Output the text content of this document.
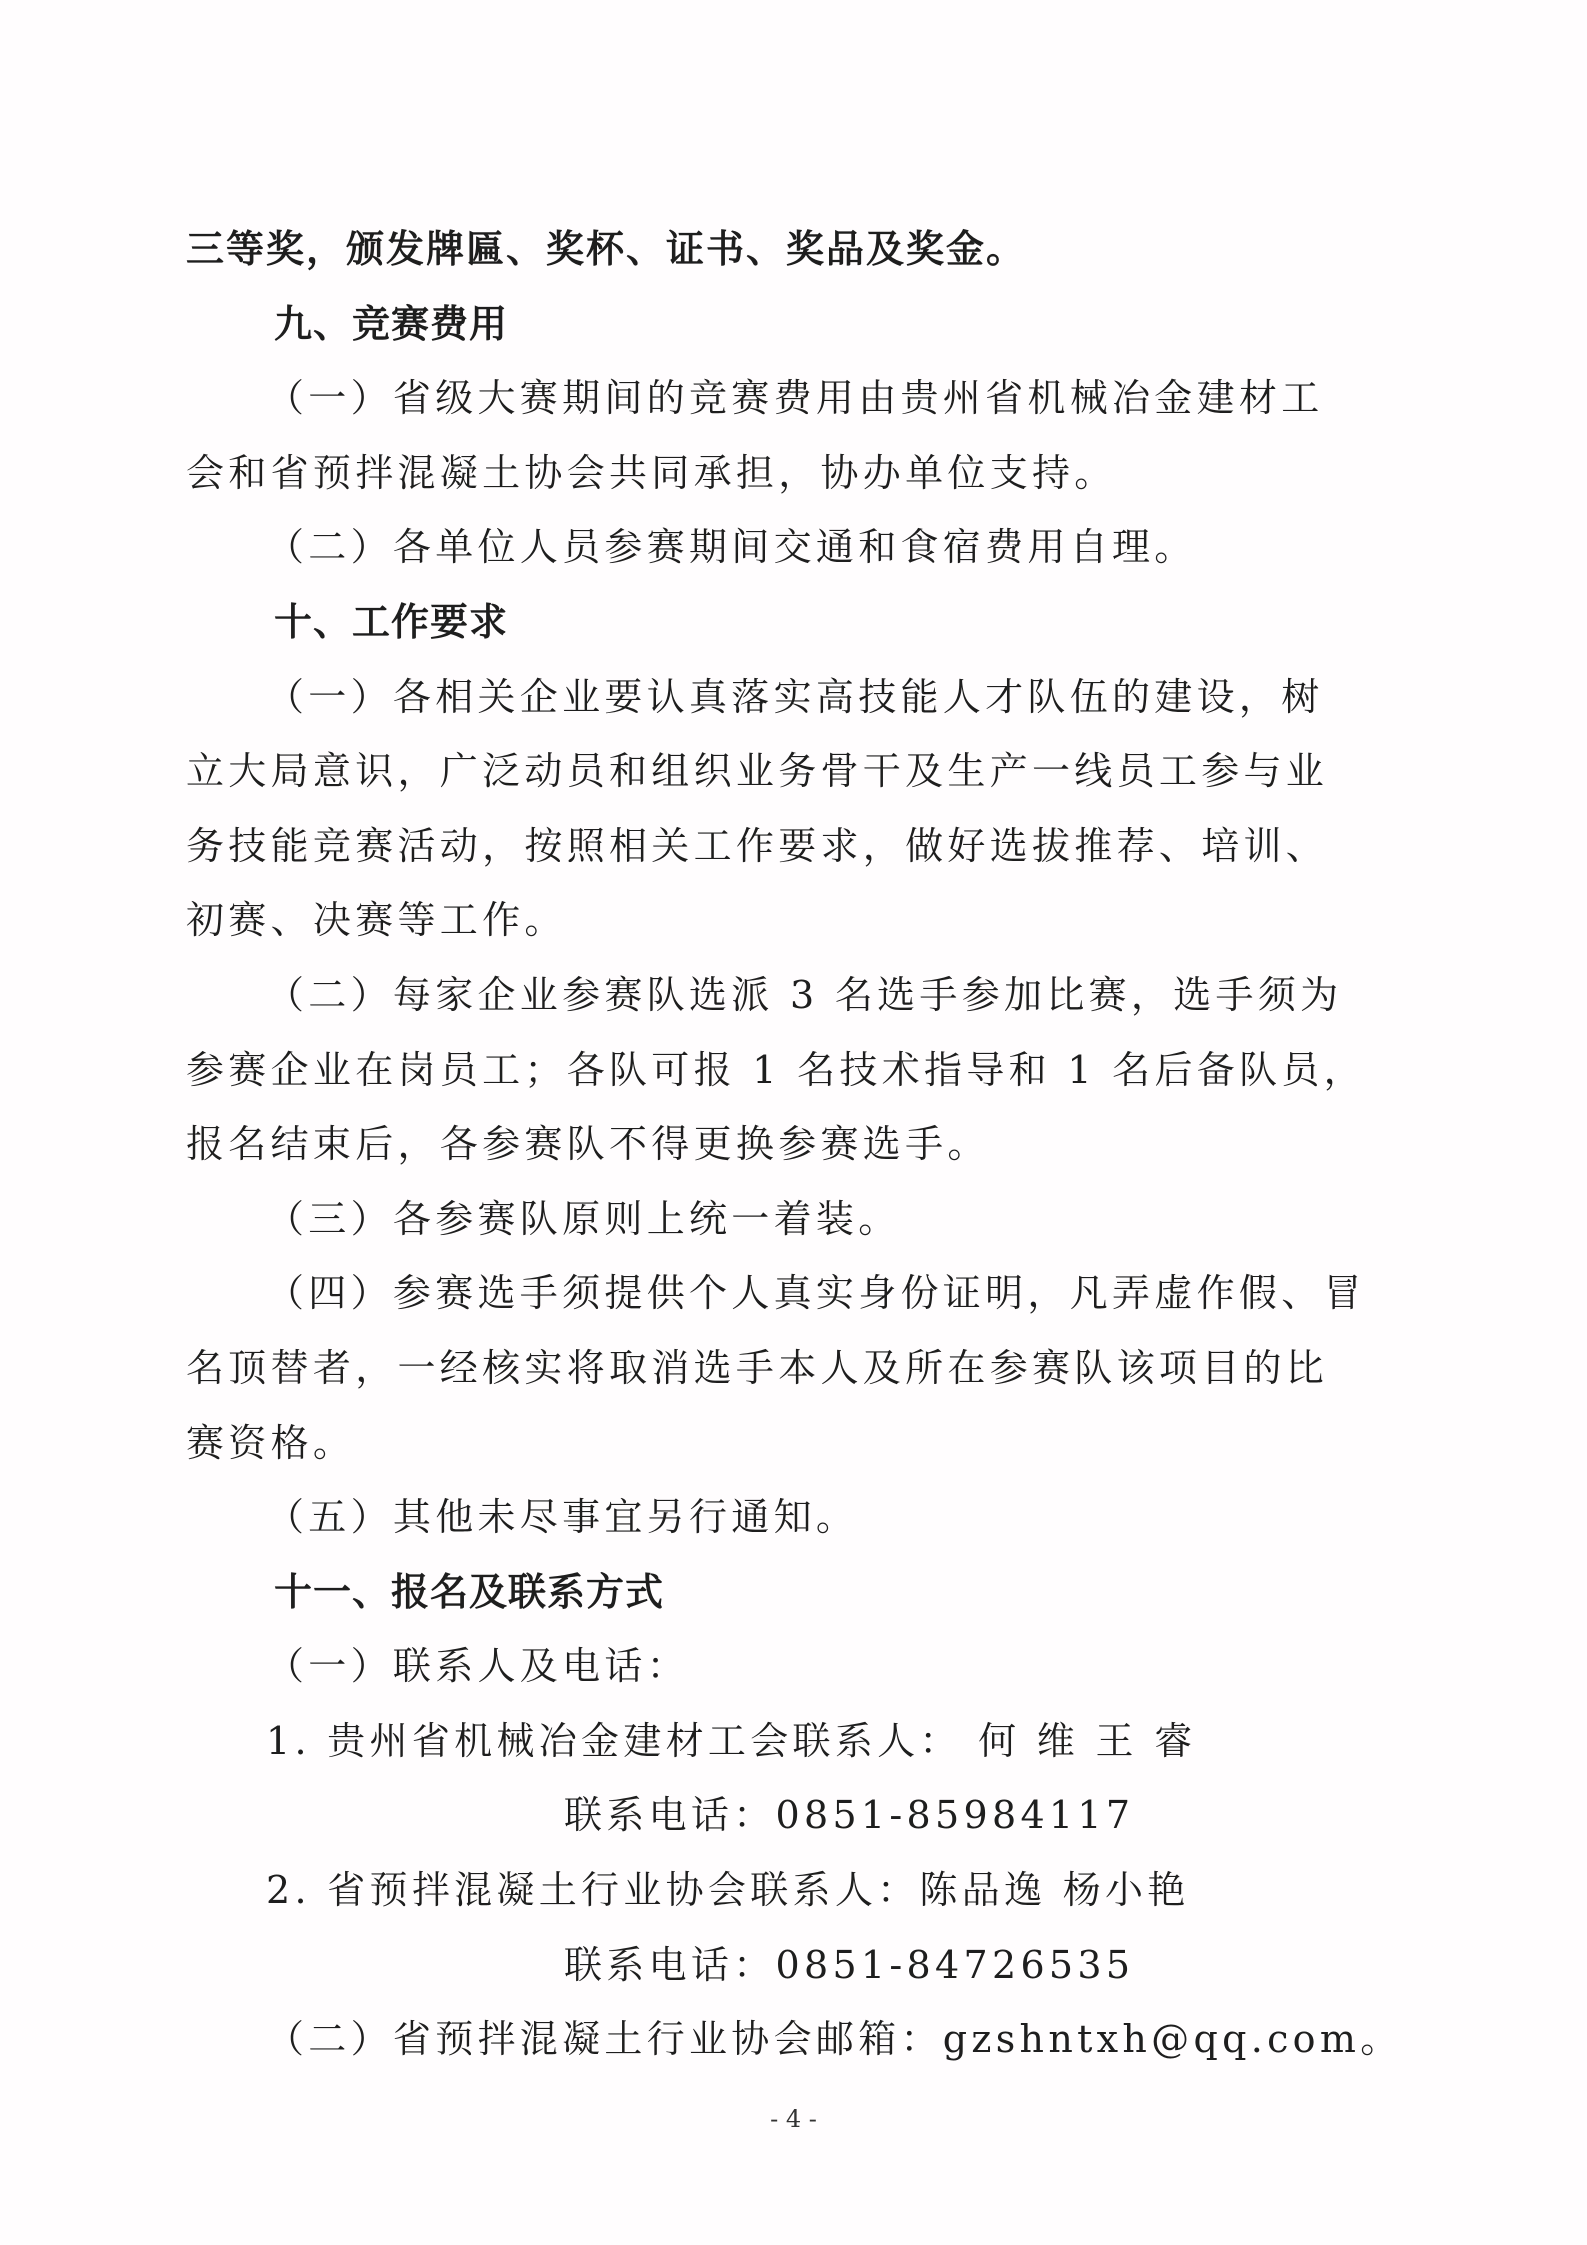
三等奖，颁发牌匾、奖杯、证书、奖品及奖金。
九、竞赛费用
（一）省级大赛期间的竞赛费用由贵州省机械冶金建材工
会和省预拌混凝土协会共同承担，协办单位支持。
（二）各单位人员参赛期间交通和食宿费用自理。
十、工作要求
（一）各相关企业要认真落实高技能人才队伍的建设，树
立大局意识，广泛动员和组织业务骨干及生产一线员工参与业
务技能竞赛活动，按照相关工作要求，做好选拔推荐、培训、
初赛、决赛等工作。
（二）每家企业参赛队选派 3 名选手参加比赛，选手须为
参赛企业在岗员工；各队可报 1 名技术指导和 1 名后备队员，
报名结束后，各参赛队不得更换参赛选手。
（三）各参赛队原则上统一着装。
（四）参赛选手须提供个人真实身份证明，凡弄虚作假、冒
名顶替者，一经核实将取消选手本人及所在参赛队该项目的比
赛资格。
（五）其他未尽事宜另行通知。
十一、报名及联系方式
（一）联系人及电话：
1. 贵州省机械冶金建材工会联系人： 何 维 王 睿
联系电话：0851-85984117
2. 省预拌混凝土行业协会联系人：陈品逸 杨小艳
联系电话：0851-84726535
（二）省预拌混凝土行业协会邮箱：gzshntxh@qq.com。
- 4 -
